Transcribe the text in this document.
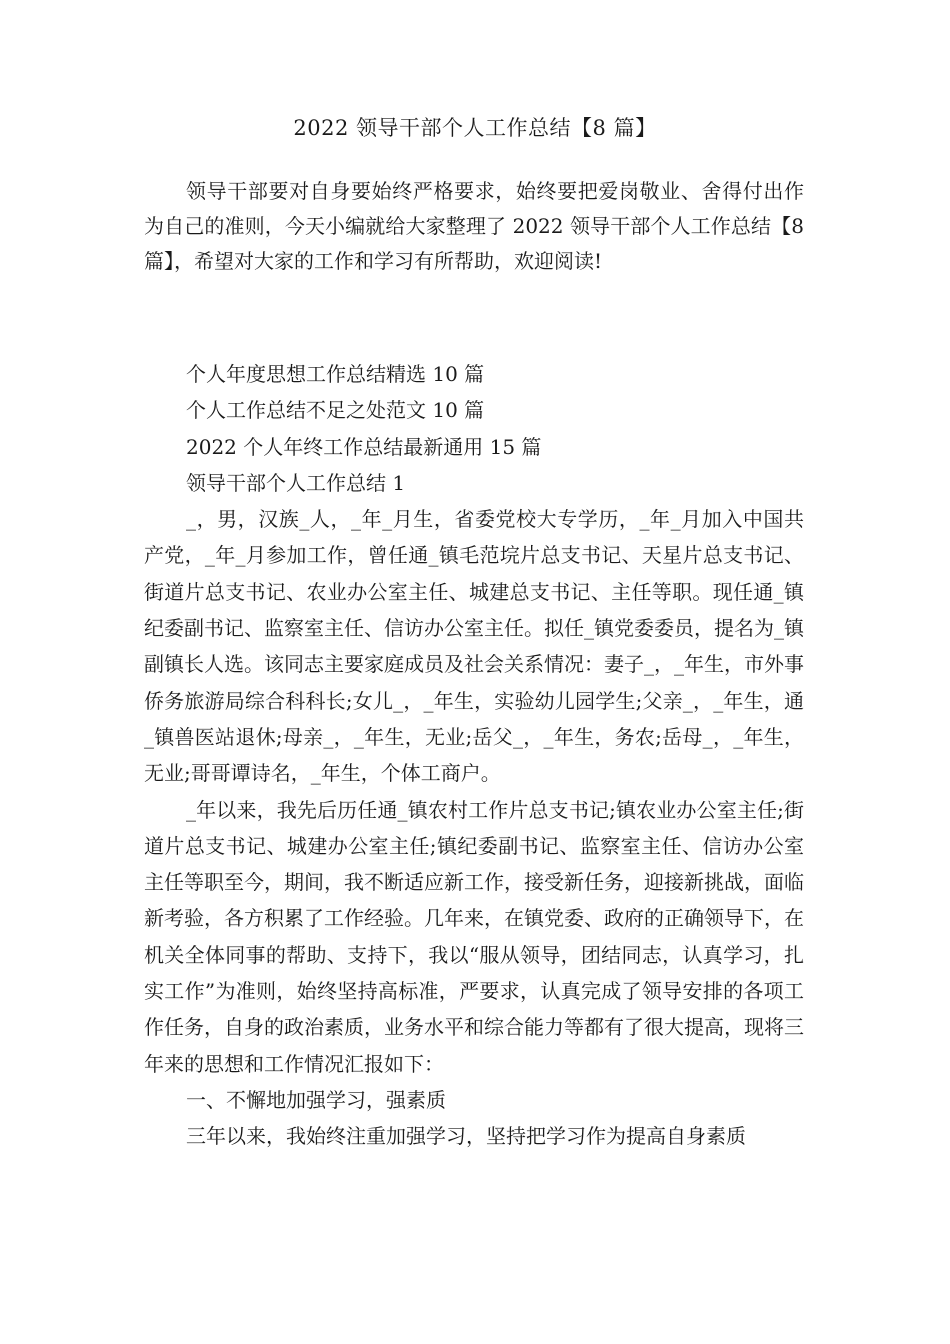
2022 领导干部个人工作总结【8 篇】

领导干部要对自身要始终严格要求，始终要把爱岗敬业、舍得付出作为自己的准则，今天小编就给大家整理了 2022 领导干部个人工作总结【8 篇】，希望对大家的工作和学习有所帮助，欢迎阅读!

个人年度思想工作总结精选 10 篇

个人工作总结不足之处范文 10 篇

2022 个人年终工作总结最新通用 15 篇

领导干部个人工作总结 1

_，男，汉族_人，_年_月生，省委党校大专学历，_年_月加入中国共产党，_年_月参加工作，曾任通_镇毛范垸片总支书记、天星片总支书记、街道片总支书记、农业办公室主任、城建总支书记、主任等职。现任通_镇纪委副书记、监察室主任、信访办公室主任。拟任_镇党委委员，提名为_镇副镇长人选。该同志主要家庭成员及社会关系情况：妻子_，_年生，市外事侨务旅游局综合科科长;女儿_，_年生，实验幼儿园学生;父亲_，_年生，通_镇兽医站退休;母亲_，_年生，无业;岳父_，_年生，务农;岳母_，_年生，无业;哥哥谭诗名，_年生，个体工商户。

_年以来，我先后历任通_镇农村工作片总支书记;镇农业办公室主任;街道片总支书记、城建办公室主任;镇纪委副书记、监察室主任、信访办公室主任等职至今，期间，我不断适应新工作，接受新任务，迎接新挑战，面临新考验，各方积累了工作经验。几年来，在镇党委、政府的正确领导下，在机关全体同事的帮助、支持下，我以“服从领导，团结同志，认真学习，扎实工作”为准则，始终坚持高标准，严要求，认真完成了领导安排的各项工作任务，自身的政治素质，业务水平和综合能力等都有了很大提高，现将三年来的思想和工作情况汇报如下：

一、不懈地加强学习，强素质

三年以来，我始终注重加强学习，坚持把学习作为提高自身素质
